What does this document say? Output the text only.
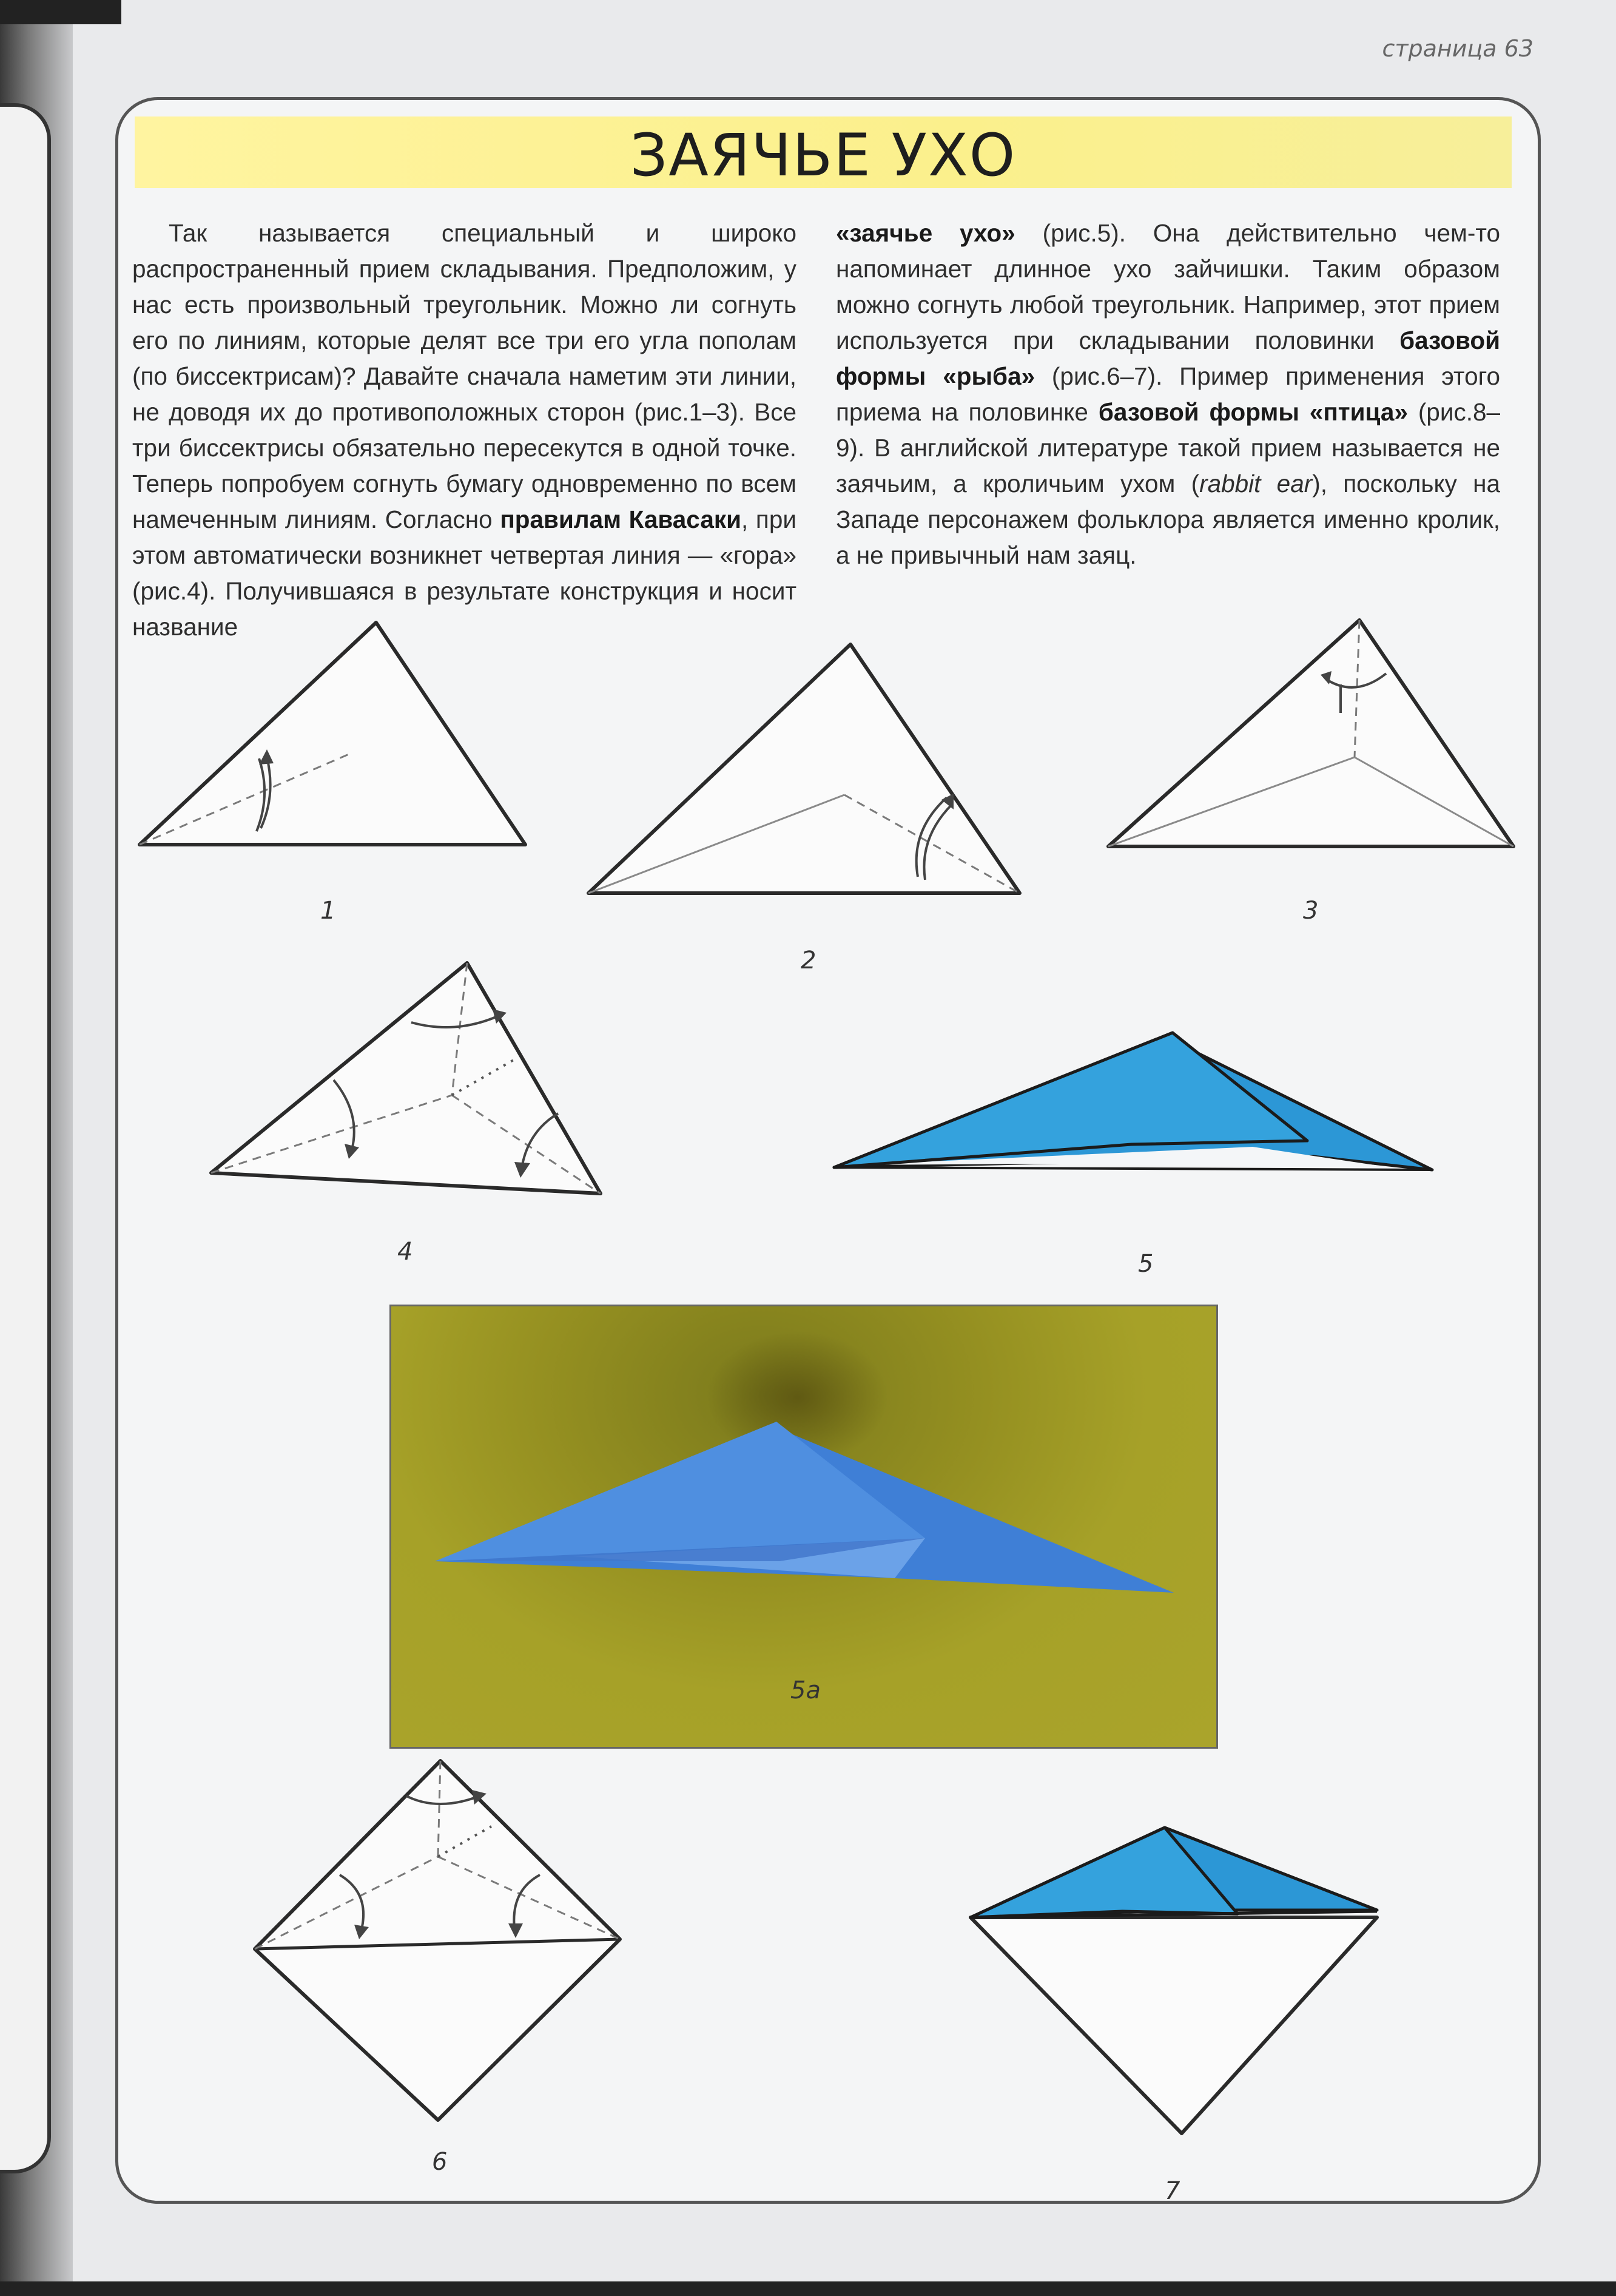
страница 63
ЗАЯЧЬЕ УХО

Так называется специальный и широко распространенный прием складывания. Предположим, у нас есть произвольный треугольник. Можно ли согнуть его по линиям, которые делят все три его угла пополам (по биссектрисам)? Давайте сначала наметим эти линии, не доводя их до противоположных сторон (рис.1–3). Все три биссектрисы обязательно пересекутся в одной точке. Теперь попробуем согнуть бумагу одновременно по всем намеченным линиям. Согласно правилам Кавасаки, при этом автоматически возникнет четвертая линия — «гора» (рис.4). Получившаяся в результате конструкция и носит название

«заячье ухо» (рис.5). Она действительно чем-то напоминает длинное ухо зайчишки. Таким образом можно согнуть любой треугольник. Например, этот прием используется при складывании половинки базовой формы «рыба» (рис.6–7). Пример применения этого приема на половинке базовой формы «птица» (рис.8–9). В английской литературе такой прием называется не заячьим, а кроличьим ухом (rabbit ear), поскольку на Западе персонажем фольклора является именно кролик, а не привычный нам заяц.

1
2
3
4	5
5a
6
7
